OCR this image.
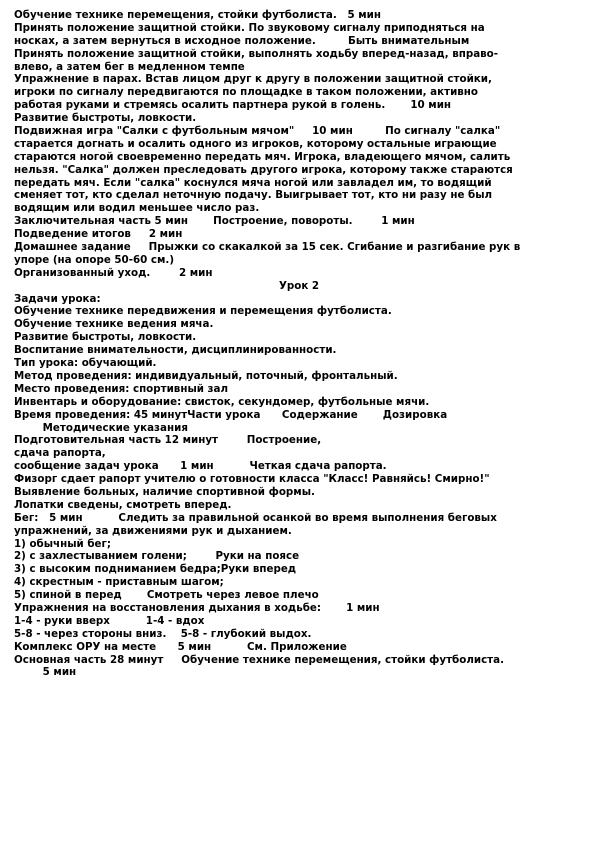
Обучение технике перемещения, стойки футболиста.   5 мин
Принять положение защитной стойки. По звуковому сигналу приподняться на
носках, а затем вернуться в исходное положение.         Быть внимательным
Принять положение защитной стойки, выполнять ходьбу вперед-назад, вправо-
влево, а затем бег в медленном темпе
Упражнение в парах. Встав лицом друг к другу в положении защитной стойки,
игроки по сигналу передвигаются по площадке в таком положении, активно
работая руками и стремясь осалить партнера рукой в голень.       10 мин
Развитие быстроты, ловкости.
Подвижная игра "Салки с футбольным мячом"     10 мин         По сигналу "салка"
старается догнать и осалить одного из игроков, которому остальные играющие
стараются ногой своевременно передать мяч. Игрока, владеющего мячом, салить
нельзя. "Салка" должен преследовать другого игрока, которому также стараются
передать мяч. Если "салка" коснулся мяча ногой или завладел им, то водящий
сменяет тот, кто сделал неточную подачу. Выигрывает тот, кто ни разу не был
водящим или водил меньшее число раз.
Заключительная часть 5 мин       Построение, повороты.        1 мин
Подведение итогов     2 мин
Домашнее задание     Прыжки со скакалкой за 15 сек. Сгибание и разгибание рук в
упоре (на опоре 50-60 см.)
Организованный уход.        2 мин
Урок 2
Задачи урока:
Обучение технике передвижения и перемещения футболиста.
Обучение технике ведения мяча.
Развитие быстроты, ловкости.
Воспитание внимательности, дисциплинированности.
Тип урока: обучающий.
Метод проведения: индивидуальный, поточный, фронтальный.
Место проведения: спортивный зал
Инвентарь и оборудование: свисток, секундомер, футбольные мячи.
Время проведения: 45 минутЧасти урока      Содержание       Дозировка
Методические указания
Подготовительная часть 12 минут        Построение,
сдача рапорта,
сообщение задач урока      1 мин          Четкая сдача рапорта.
Физорг сдает рапорт учителю о готовности класса "Класс! Равняйсь! Смирно!"
Выявление больных, наличие спортивной формы.
Лопатки сведены, смотреть вперед.
Бег:   5 мин          Следить за правильной осанкой во время выполнения беговых
упражнений, за движениями рук и дыханием.
1) обычный бег;
2) с захлестыванием голени;        Руки на поясе
3) с высоким подниманием бедра;Руки вперед
4) скрестным - приставным шагом;
5) спиной в перед       Смотреть через левое плечо
Упражнения на восстановления дыхания в ходьбе:       1 мин
1-4 - руки вверх          1-4 - вдох
5-8 - через стороны вниз.    5-8 - глубокий выдох.
Комплекс ОРУ на месте      5 мин          См. Приложение
Основная часть 28 минут     Обучение технике перемещения, стойки футболиста.
5 мин
